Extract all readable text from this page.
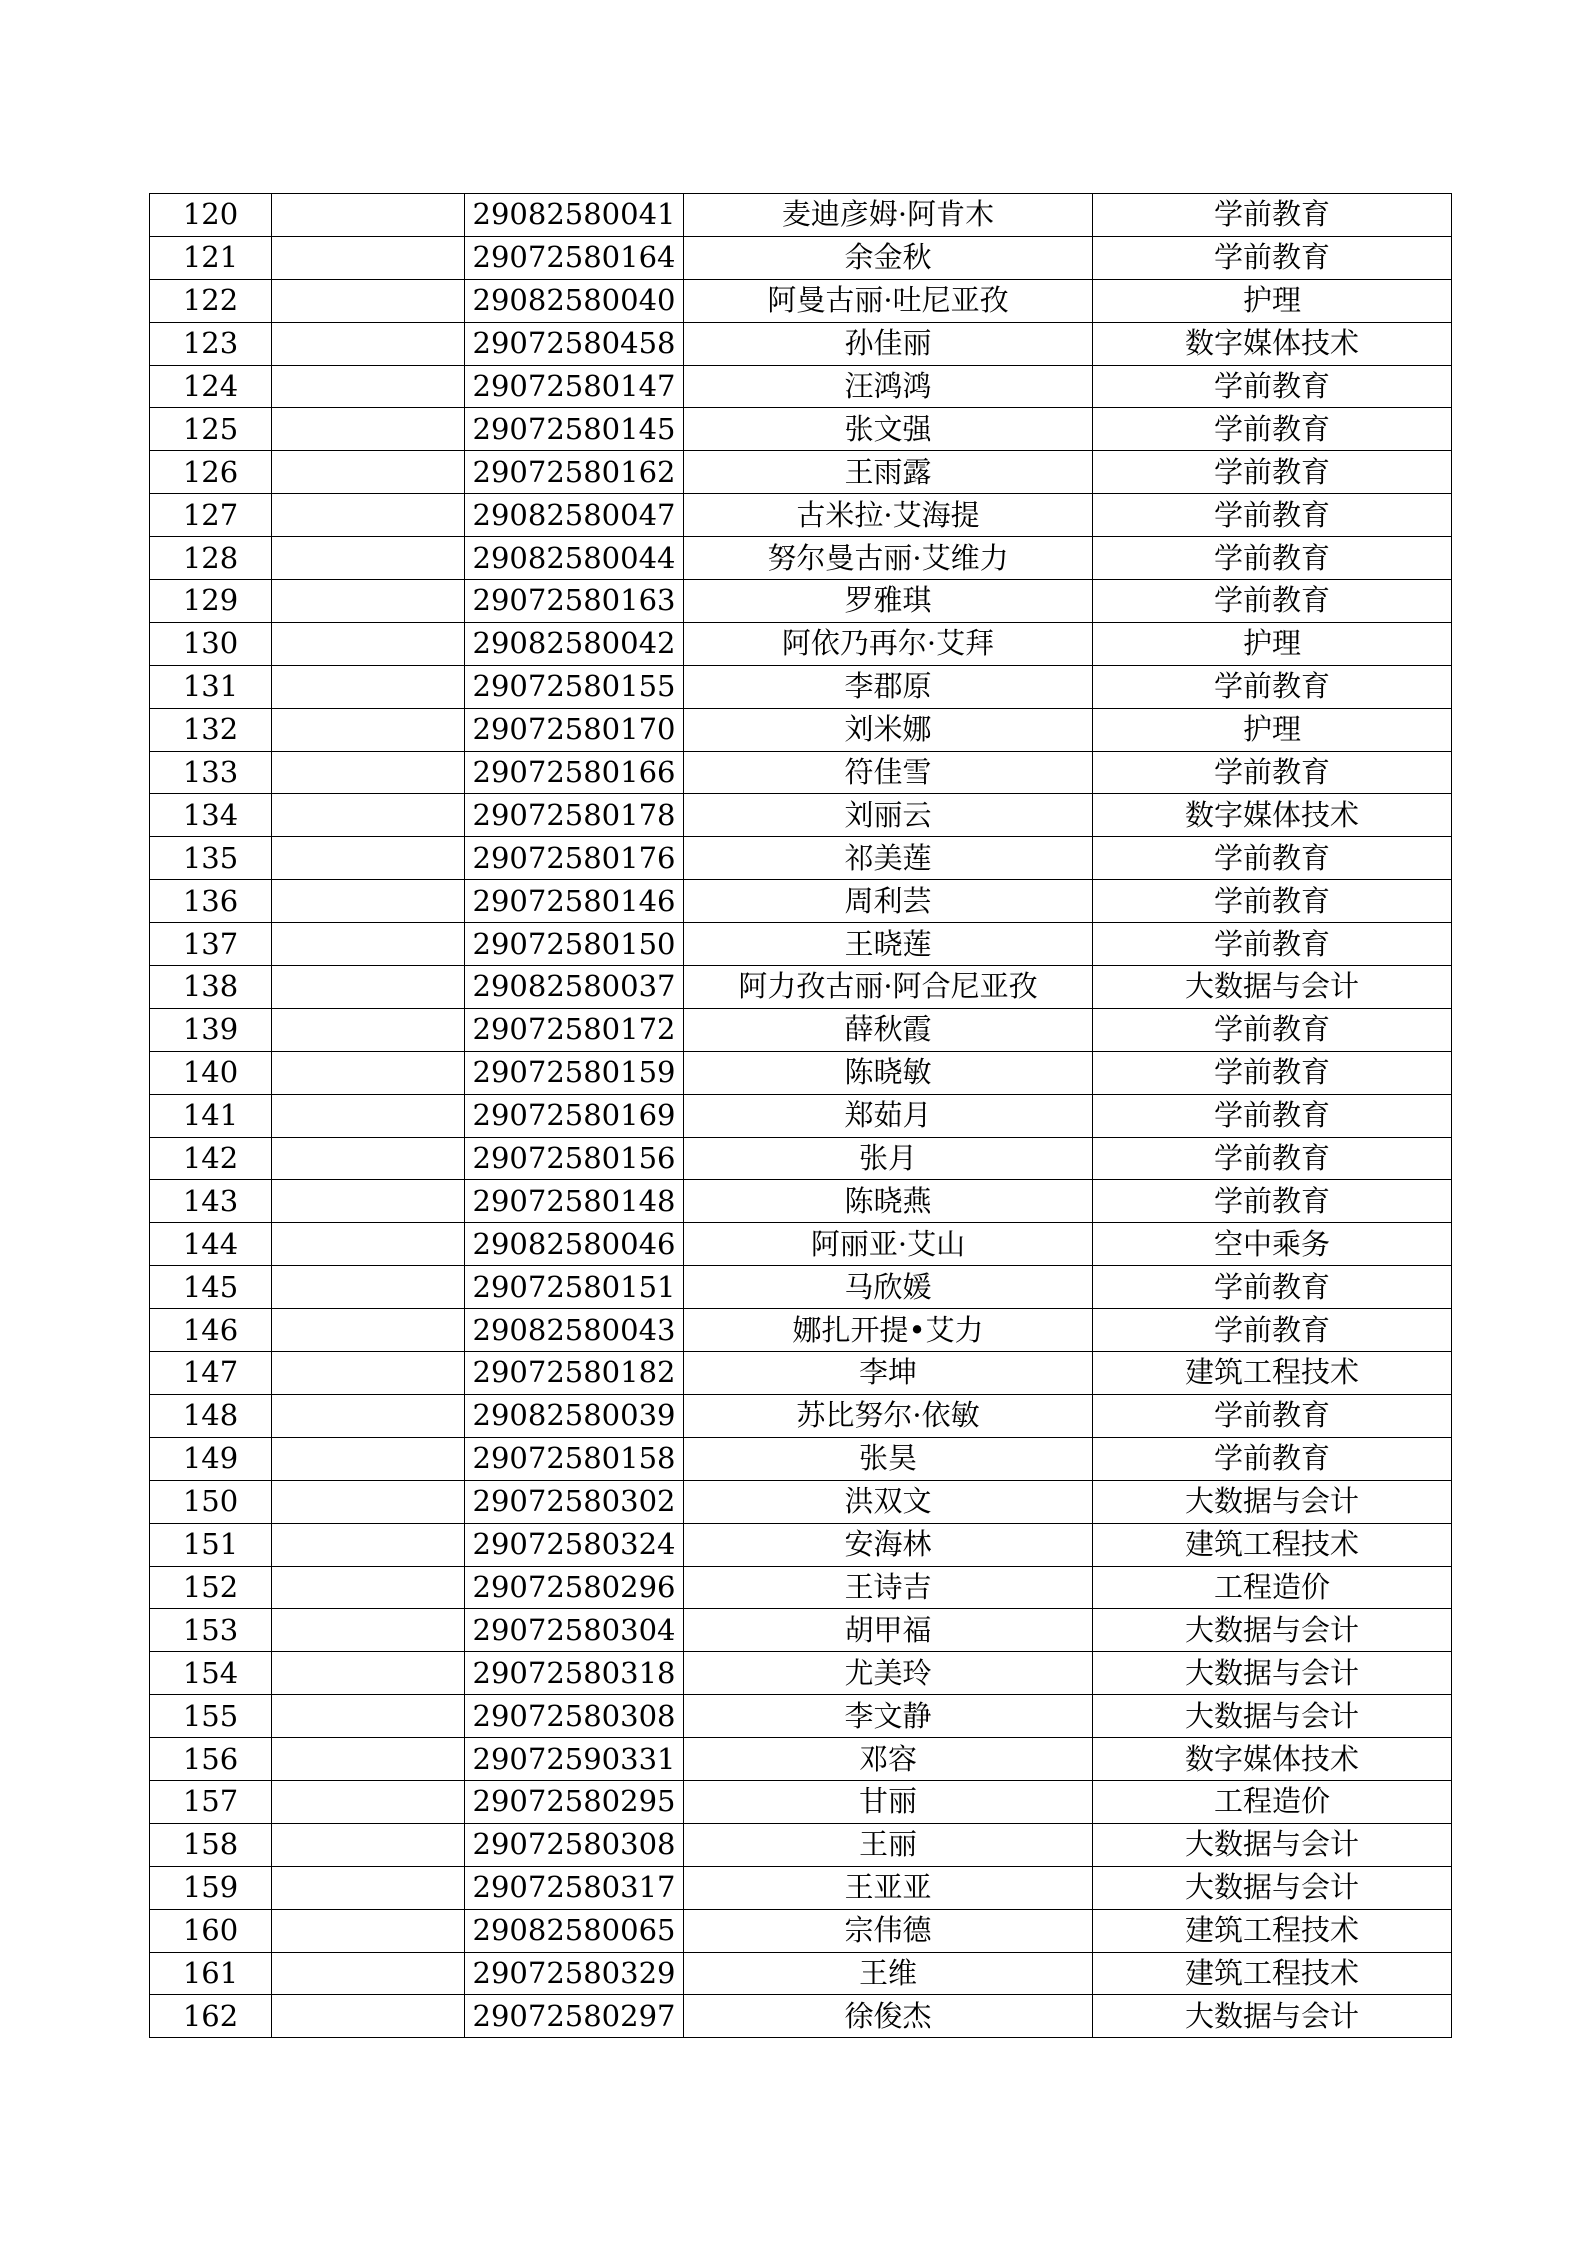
120		29082580041	麦迪彦姆·阿肯木	学前教育
121		29072580164	余金秋	学前教育
122		29082580040	阿曼古丽·吐尼亚孜	护理
123		29072580458	孙佳丽	数字媒体技术
124		29072580147	汪鸿鸿	学前教育
125		29072580145	张文强	学前教育
126		29072580162	王雨露	学前教育
127		29082580047	古米拉·艾海提	学前教育
128		29082580044	努尔曼古丽·艾维力	学前教育
129		29072580163	罗雅琪	学前教育
130		29082580042	阿依乃再尔·艾拜	护理
131		29072580155	李郡原	学前教育
132		29072580170	刘米娜	护理
133		29072580166	符佳雪	学前教育
134		29072580178	刘丽云	数字媒体技术
135		29072580176	祁美莲	学前教育
136		29072580146	周利芸	学前教育
137		29072580150	王晓莲	学前教育
138		29082580037	阿力孜古丽·阿合尼亚孜	大数据与会计
139		29072580172	薛秋霞	学前教育
140		29072580159	陈晓敏	学前教育
141		29072580169	郑茹月	学前教育
142		29072580156	张月	学前教育
143		29072580148	陈晓燕	学前教育
144		29082580046	阿丽亚·艾山	空中乘务
145		29072580151	马欣媛	学前教育
146		29082580043	娜扎开提•艾力	学前教育
147		29072580182	李坤	建筑工程技术
148		29082580039	苏比努尔·依敏	学前教育
149		29072580158	张昊	学前教育
150		29072580302	洪双文	大数据与会计
151		29072580324	安海林	建筑工程技术
152		29072580296	王诗吉	工程造价
153		29072580304	胡甲福	大数据与会计
154		29072580318	尤美玲	大数据与会计
155		29072580308	李文静	大数据与会计
156		29072590331	邓容	数字媒体技术
157		29072580295	甘丽	工程造价
158		29072580308	王丽	大数据与会计
159		29072580317	王亚亚	大数据与会计
160		29082580065	宗伟德	建筑工程技术
161		29072580329	王维	建筑工程技术
162		29072580297	徐俊杰	大数据与会计
